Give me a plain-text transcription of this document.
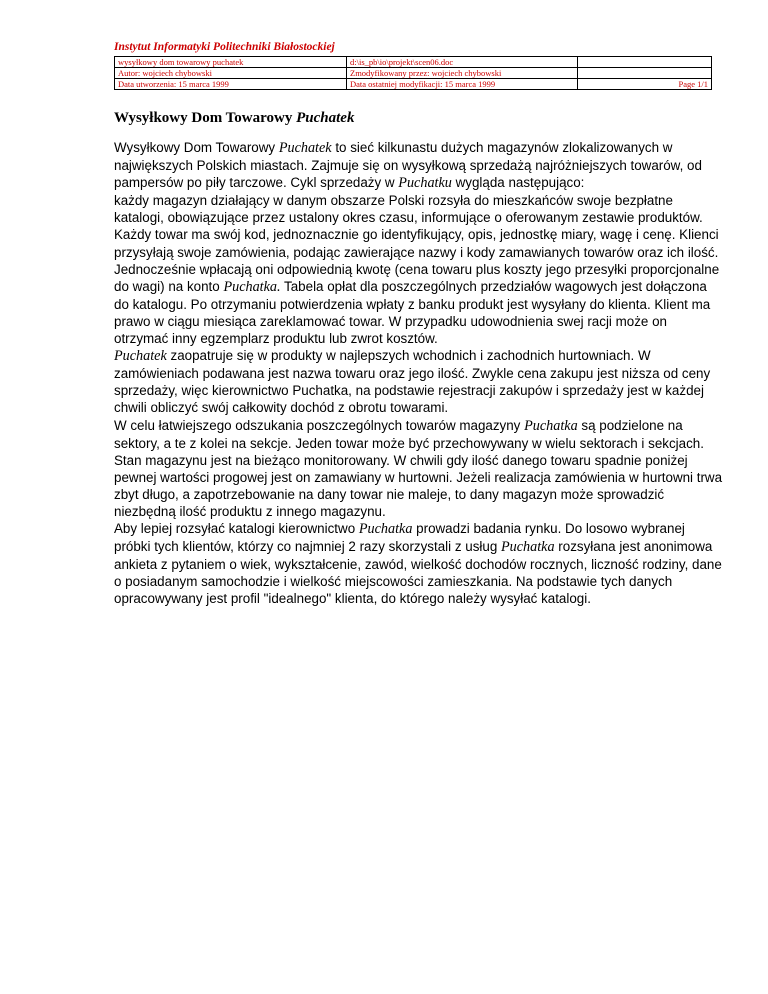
Instytut Informatyki Politechniki Białostockiej
wysyłkowy dom towarowy puchatek	d:\is_pb\io\projekt\scen06.doc	
Autor: wojciech chybowski	Zmodyfikowany przez: wojciech chybowski	
Data utworzenia: 15 marca 1999	Data ostatniej modyfikacji: 15 marca 1999	Page 1/1
Wysyłkowy Dom Towarowy Puchatek

Wysyłkowy Dom Towarowy Puchatek to sieć kilkunastu dużych magazynów zlokalizowanych w największych Polskich miastach. Zajmuje się on wysyłkową sprzedażą najróżniejszych towarów, od pampersów po piły tarczowe. Cykl sprzedaży w Puchatku wygląda następująco:

każdy magazyn działający w danym obszarze Polski rozsyła do mieszkańców swoje bezpłatne katalogi, obowiązujące przez ustalony okres czasu, informujące o oferowanym zestawie produktów. Każdy towar ma swój kod, jednoznacznie go identyfikujący, opis, jednostkę miary, wagę i cenę. Klienci przysyłają swoje zamówienia, podając zawierające nazwy i kody zamawianych towarów oraz ich ilość. Jednocześnie wpłacają oni odpowiednią kwotę (cena towaru plus koszty jego przesyłki proporcjonalne do wagi) na konto Puchatka. Tabela opłat dla poszczególnych przedziałów wagowych jest dołączona do katalogu. Po otrzymaniu potwierdzenia wpłaty z banku produkt jest wysyłany do klienta. Klient ma prawo w ciągu miesiąca zareklamować towar. W przypadku udowodnienia swej racji może on otrzymać inny egzemplarz produktu lub zwrot kosztów.

Puchatek zaopatruje się w produkty w najlepszych wchodnich i zachodnich hurtowniach. W zamówieniach podawana jest nazwa towaru oraz jego ilość. Zwykle cena zakupu jest niższa od ceny sprzedaży, więc kierownictwo Puchatka, na podstawie rejestracji zakupów i sprzedaży jest w każdej chwili obliczyć swój całkowity dochód z obrotu towarami.

W celu łatwiejszego odszukania poszczególnych towarów magazyny Puchatka są podzielone na sektory, a te z kolei na sekcje. Jeden towar może być przechowywany w wielu sektorach i sekcjach. Stan magazynu jest na bieżąco monitorowany. W chwili gdy ilość danego towaru spadnie poniżej pewnej wartości progowej jest on zamawiany w hurtowni. Jeżeli realizacja zamówienia w hurtowni trwa zbyt długo, a zapotrzebowanie na dany towar nie maleje, to dany magazyn może sprowadzić niezbędną ilość produktu z innego magazynu.

Aby lepiej rozsyłać katalogi kierownictwo Puchatka prowadzi badania rynku. Do losowo wybranej próbki tych klientów, którzy co najmniej 2 razy skorzystali z usług Puchatka rozsyłana jest anonimowa ankieta z pytaniem o wiek, wykształcenie, zawód, wielkość dochodów rocznych, liczność rodziny, dane o posiadanym samochodzie i wielkość miejscowości zamieszkania. Na podstawie tych danych opracowywany jest profil "idealnego" klienta, do którego należy wysyłać katalogi.
